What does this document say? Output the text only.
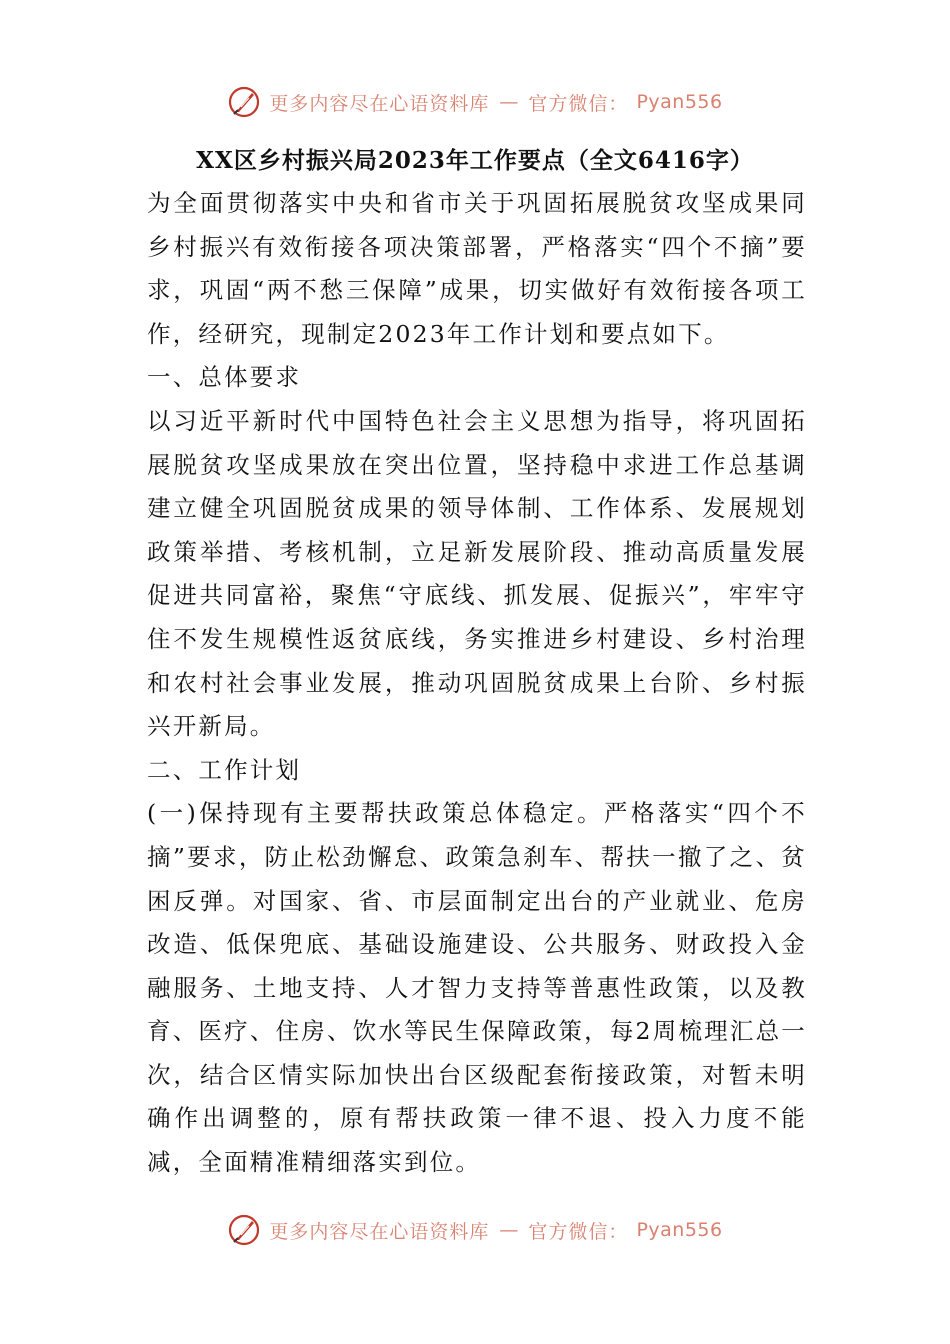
更多内容尽在心语资料库 — 官方微信： Pyan556
XX区乡村振兴局2023年工作要点（全文6416字）

为全面贯彻落实中央和省市关于巩固拓展脱贫攻坚成果同乡村振兴有效衔接各项决策部署，严格落实“四个不摘”要求，巩固“两不愁三保障”成果，切实做好有效衔接各项工作，经研究，现制定2023年工作计划和要点如下。

一、总体要求

以习近平新时代中国特色社会主义思想为指导，将巩固拓展脱贫攻坚成果放在突出位置，坚持稳中求进工作总基调建立健全巩固脱贫成果的领导体制、工作体系、发展规划政策举措、考核机制，立足新发展阶段、推动高质量发展促进共同富裕，聚焦“守底线、抓发展、促振兴”，牢牢守住不发生规模性返贫底线，务实推进乡村建设、乡村治理和农村社会事业发展，推动巩固脱贫成果上台阶、乡村振兴开新局。

二、工作计划

(一)保持现有主要帮扶政策总体稳定。严格落实“四个不摘”要求，防止松劲懈怠、政策急刹车、帮扶一撤了之、贫困反弹。对国家、省、市层面制定出台的产业就业、危房改造、低保兜底、基础设施建设、公共服务、财政投入金融服务、土地支持、人才智力支持等普惠性政策，以及教育、医疗、住房、饮水等民生保障政策，每2周梳理汇总一次，结合区情实际加快出台区级配套衔接政策，对暂未明确作出调整的，原有帮扶政策一律不退、投入力度不能减，全面精准精细落实到位。

更多内容尽在心语资料库 — 官方微信： Pyan556
